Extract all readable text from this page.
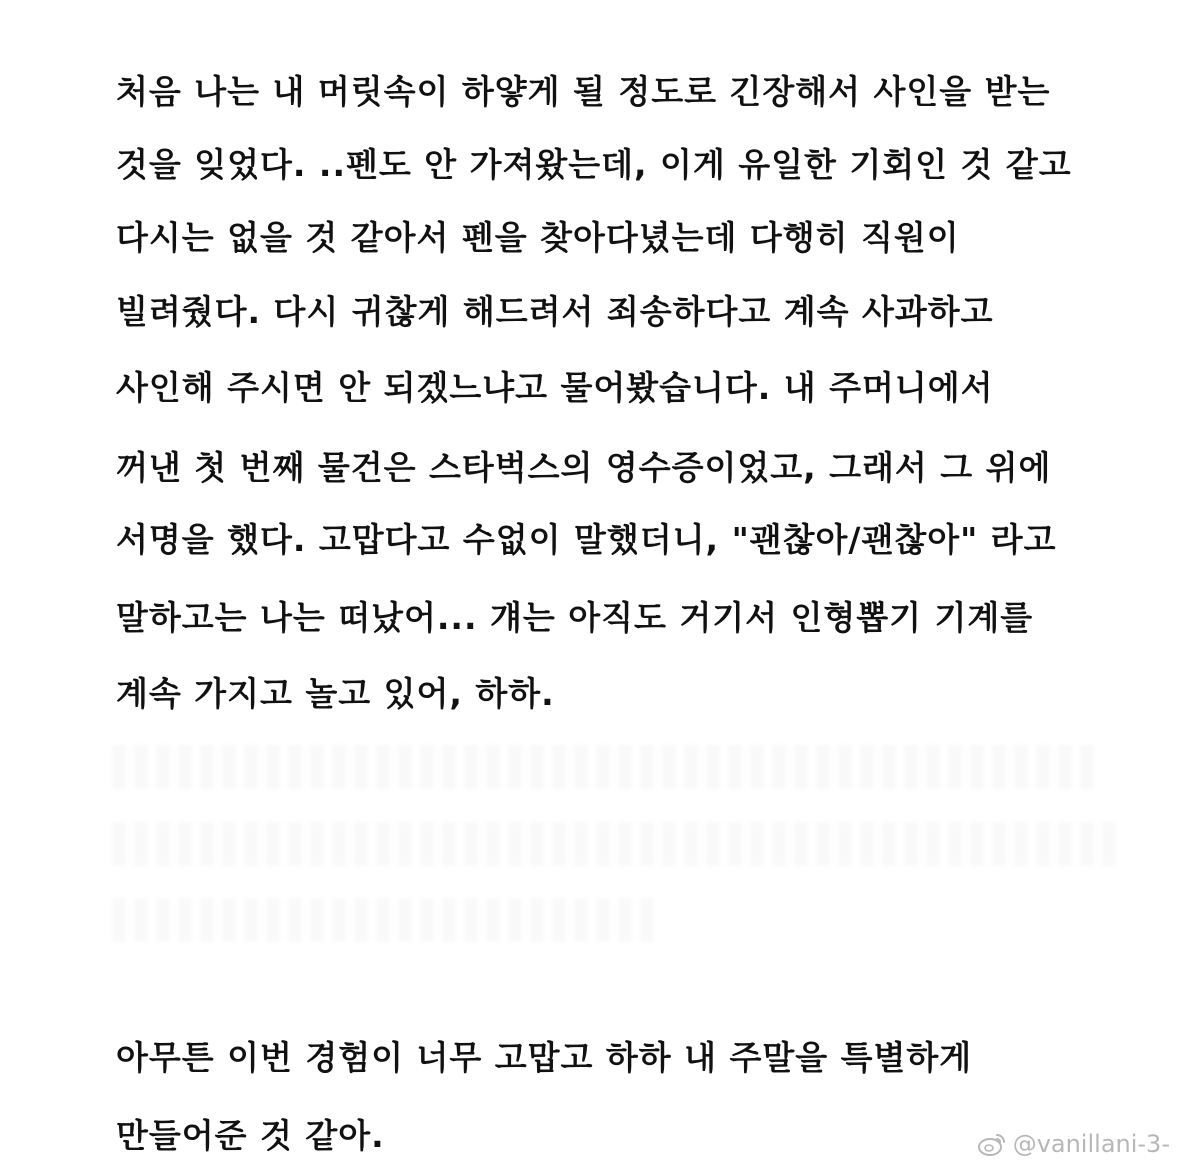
처음 나는 내 머릿속이 하얗게 될 정도로 긴장해서 사인을 받는
것을 잊었다. ..펜도 안 가져왔는데, 이게 유일한 기회인 것 같고
다시는 없을 것 같아서 펜을 찾아다녔는데 다행히 직원이
빌려줬다. 다시 귀찮게 해드려서 죄송하다고 계속 사과하고
사인해 주시면 안 되겠느냐고 물어봤습니다. 내 주머니에서
꺼낸 첫 번째 물건은 스타벅스의 영수증이었고, 그래서 그 위에
서명을 했다. 고맙다고 수없이 말했더니, "괜찮아/괜찮아" 라고
말하고는 나는 떠났어... 걔는 아직도 거기서 인형뽑기 기계를
계속 가지고 놀고 있어, 하하.
아무튼 이번 경험이 너무 고맙고 하하 내 주말을 특별하게
만들어준 것 같아.	@vanillani-3-
